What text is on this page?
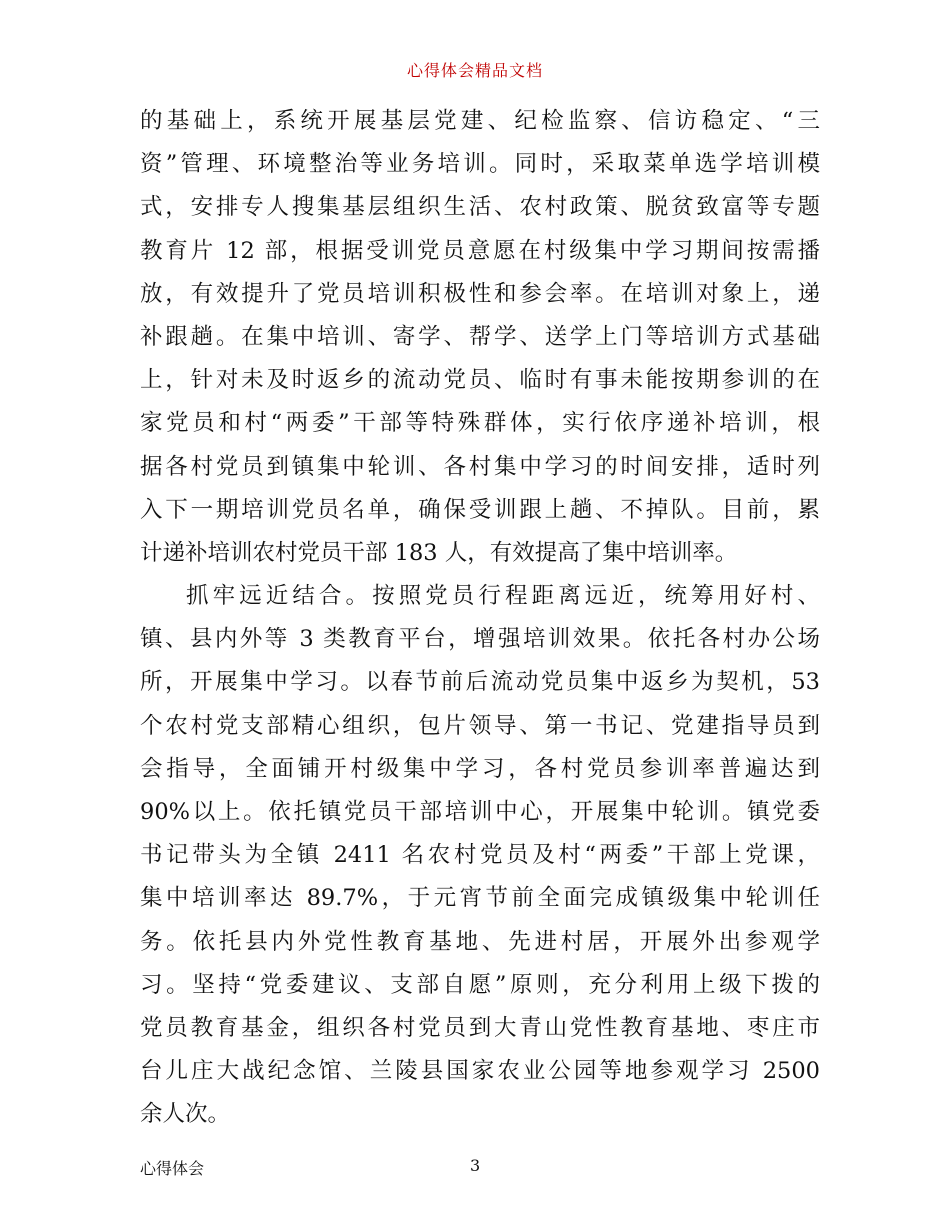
心得体会精品文档
的基础上，系统开展基层党建、纪检监察、信访稳定、“三
资”管理、环境整治等业务培训。同时，采取菜单选学培训模
式，安排专人搜集基层组织生活、农村政策、脱贫致富等专题
教育片 12 部，根据受训党员意愿在村级集中学习期间按需播
放，有效提升了党员培训积极性和参会率。在培训对象上，递
补跟趟。在集中培训、寄学、帮学、送学上门等培训方式基础
上，针对未及时返乡的流动党员、临时有事未能按期参训的在
家党员和村“两委”干部等特殊群体，实行依序递补培训，根
据各村党员到镇集中轮训、各村集中学习的时间安排，适时列
入下一期培训党员名单，确保受训跟上趟、不掉队。目前，累
计递补培训农村党员干部 183 人，有效提高了集中培训率。
抓牢远近结合。按照党员行程距离远近，统筹用好村、
镇、县内外等 3 类教育平台，增强培训效果。依托各村办公场
所，开展集中学习。以春节前后流动党员集中返乡为契机，53
个农村党支部精心组织，包片领导、第一书记、党建指导员到
会指导，全面铺开村级集中学习，各村党员参训率普遍达到
90%以上。依托镇党员干部培训中心，开展集中轮训。镇党委
书记带头为全镇 2411 名农村党员及村“两委”干部上党课，
集中培训率达 89.7%，于元宵节前全面完成镇级集中轮训任
务。依托县内外党性教育基地、先进村居，开展外出参观学
习。坚持“党委建议、支部自愿”原则，充分利用上级下拨的
党员教育基金，组织各村党员到大青山党性教育基地、枣庄市
台儿庄大战纪念馆、兰陵县国家农业公园等地参观学习 2500
余人次。
心得体会	3
